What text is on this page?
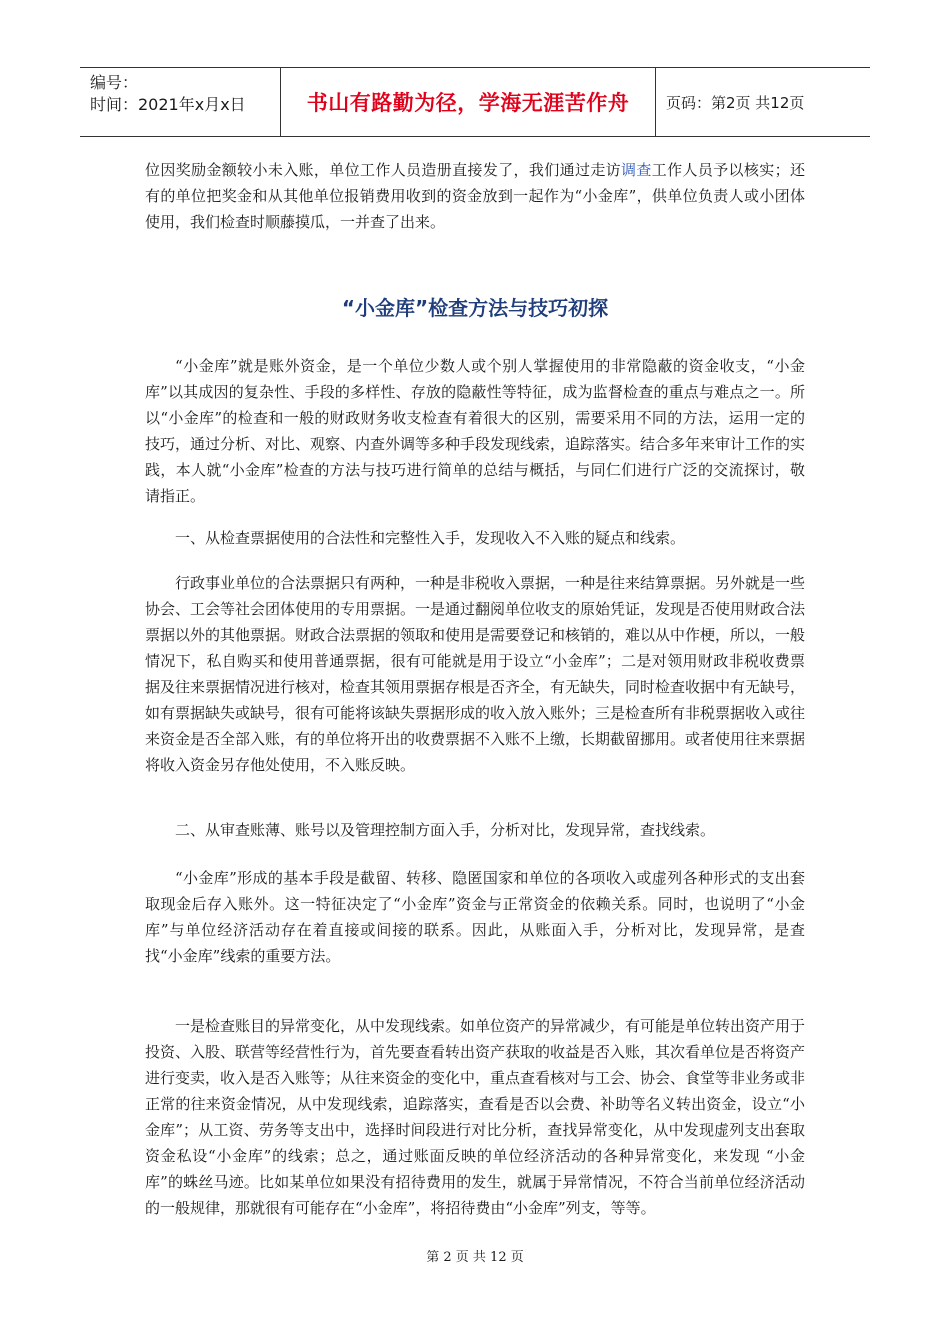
编号：
时间：2021年x月x日	书山有路勤为径，学海无涯苦作舟	页码：第2页 共12页

位因奖励金额较小未入账，单位工作人员造册直接发了，我们通过走访调查工作人员予以核实；还有的单位把奖金和从其他单位报销费用收到的资金放到一起作为“小金库”，供单位负责人或小团体使用，我们检查时顺藤摸瓜，一并查了出来。

“小金库”检查方法与技巧初探

“小金库”就是账外资金，是一个单位少数人或个别人掌握使用的非常隐蔽的资金收支，“小金库”以其成因的复杂性、手段的多样性、存放的隐蔽性等特征，成为监督检查的重点与难点之一。所以“小金库”的检查和一般的财政财务收支检查有着很大的区别，需要采用不同的方法，运用一定的技巧，通过分析、对比、观察、内查外调等多种手段发现线索，追踪落实。结合多年来审计工作的实践，本人就“小金库”检查的方法与技巧进行简单的总结与概括，与同仁们进行广泛的交流探讨，敬请指正。

一、从检查票据使用的合法性和完整性入手，发现收入不入账的疑点和线索。

行政事业单位的合法票据只有两种，一种是非税收入票据，一种是往来结算票据。另外就是一些协会、工会等社会团体使用的专用票据。一是通过翻阅单位收支的原始凭证，发现是否使用财政合法票据以外的其他票据。财政合法票据的领取和使用是需要登记和核销的，难以从中作梗，所以，一般情况下，私自购买和使用普通票据，很有可能就是用于设立“小金库”；二是对领用财政非税收费票据及往来票据情况进行核对，检查其领用票据存根是否齐全，有无缺失，同时检查收据中有无缺号，如有票据缺失或缺号，很有可能将该缺失票据形成的收入放入账外；三是检查所有非税票据收入或往来资金是否全部入账，有的单位将开出的收费票据不入账不上缴，长期截留挪用。或者使用往来票据将收入资金另存他处使用，不入账反映。

二、从审查账薄、账号以及管理控制方面入手，分析对比，发现异常，查找线索。

“小金库”形成的基本手段是截留、转移、隐匿国家和单位的各项收入或虚列各种形式的支出套取现金后存入账外。这一特征决定了“小金库”资金与正常资金的依赖关系。同时，也说明了“小金库”与单位经济活动存在着直接或间接的联系。因此，从账面入手，分析对比，发现异常，是查找“小金库”线索的重要方法。

一是检查账目的异常变化，从中发现线索。如单位资产的异常减少，有可能是单位转出资产用于投资、入股、联营等经营性行为，首先要查看转出资产获取的收益是否入账，其次看单位是否将资产进行变卖，收入是否入账等；从往来资金的变化中，重点查看核对与工会、协会、食堂等非业务或非正常的往来资金情况，从中发现线索，追踪落实，查看是否以会费、补助等名义转出资金，设立“小金库”；从工资、劳务等支出中，选择时间段进行对比分析，查找异常变化，从中发现虚列支出套取资金私设“小金库”的线索；总之，通过账面反映的单位经济活动的各种异常变化，来发现 “小金库”的蛛丝马迹。比如某单位如果没有招待费用的发生，就属于异常情况，不符合当前单位经济活动的一般规律，那就很有可能存在“小金库”，将招待费由“小金库”列支，等等。

第 2 页 共 12 页
